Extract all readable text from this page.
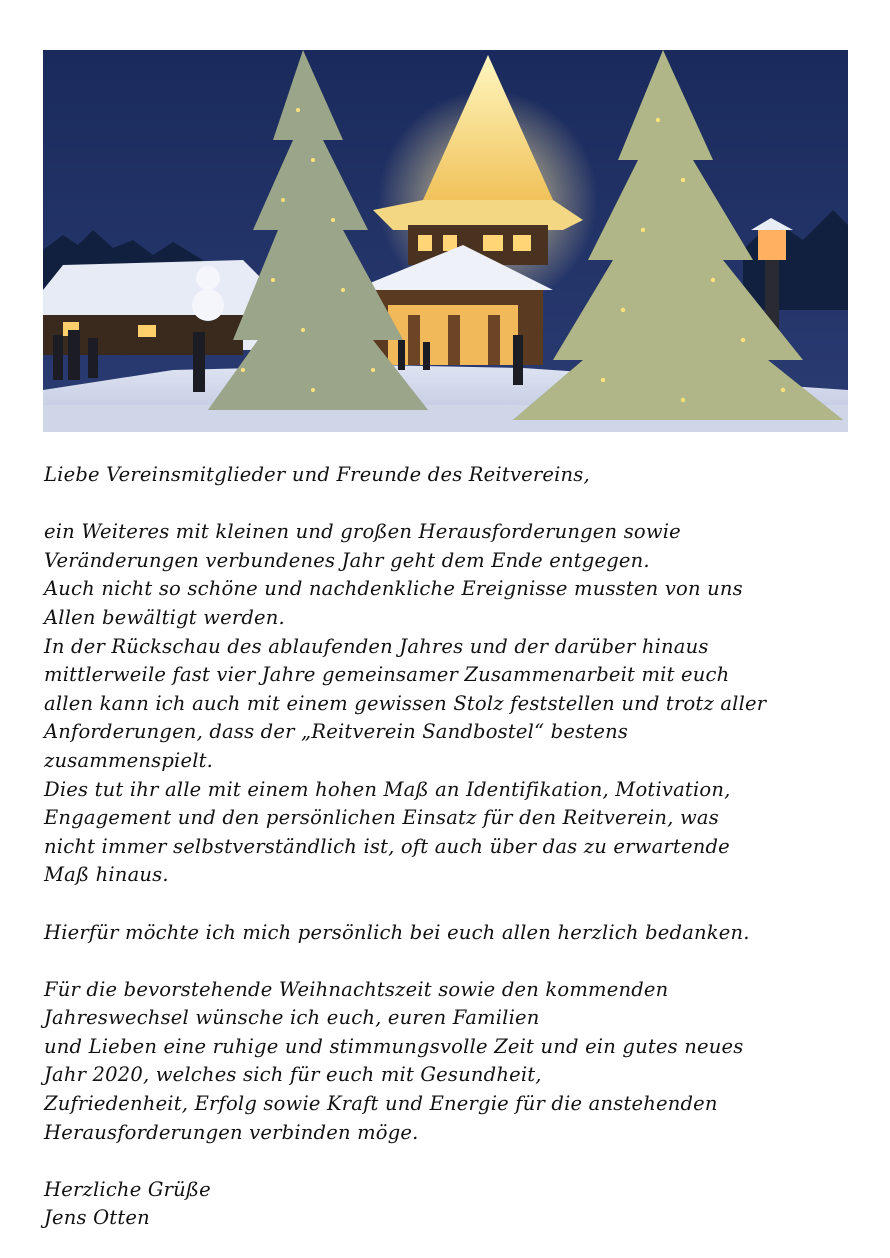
Liebe Vereinsmitglieder und Freunde des Reitvereins,
ein Weiteres mit kleinen und großen Herausforderungen sowie
Veränderungen verbundenes Jahr geht dem Ende entgegen.
Auch nicht so schöne und nachdenkliche Ereignisse mussten von uns
Allen bewältigt werden.
In der Rückschau des ablaufenden Jahres und der darüber hinaus
mittlerweile fast vier Jahre gemeinsamer Zusammenarbeit mit euch
allen kann ich auch mit einem gewissen Stolz feststellen und trotz aller
Anforderungen, dass der „Reitverein Sandbostel“ bestens
zusammenspielt.
Dies tut ihr alle mit einem hohen Maß an Identifikation, Motivation,
Engagement und den persönlichen Einsatz für den Reitverein, was
nicht immer selbstverständlich ist, oft auch über das zu erwartende
Maß hinaus.
Hierfür möchte ich mich persönlich bei euch allen herzlich bedanken.
Für die bevorstehende Weihnachtszeit sowie den kommenden
Jahreswechsel wünsche ich euch, euren Familien
und Lieben eine ruhige und stimmungsvolle Zeit und ein gutes neues
Jahr 2020, welches sich für euch mit Gesundheit,
Zufriedenheit, Erfolg sowie Kraft und Energie für die anstehenden
Herausforderungen verbinden möge.
Herzliche Grüße
Jens Otten
